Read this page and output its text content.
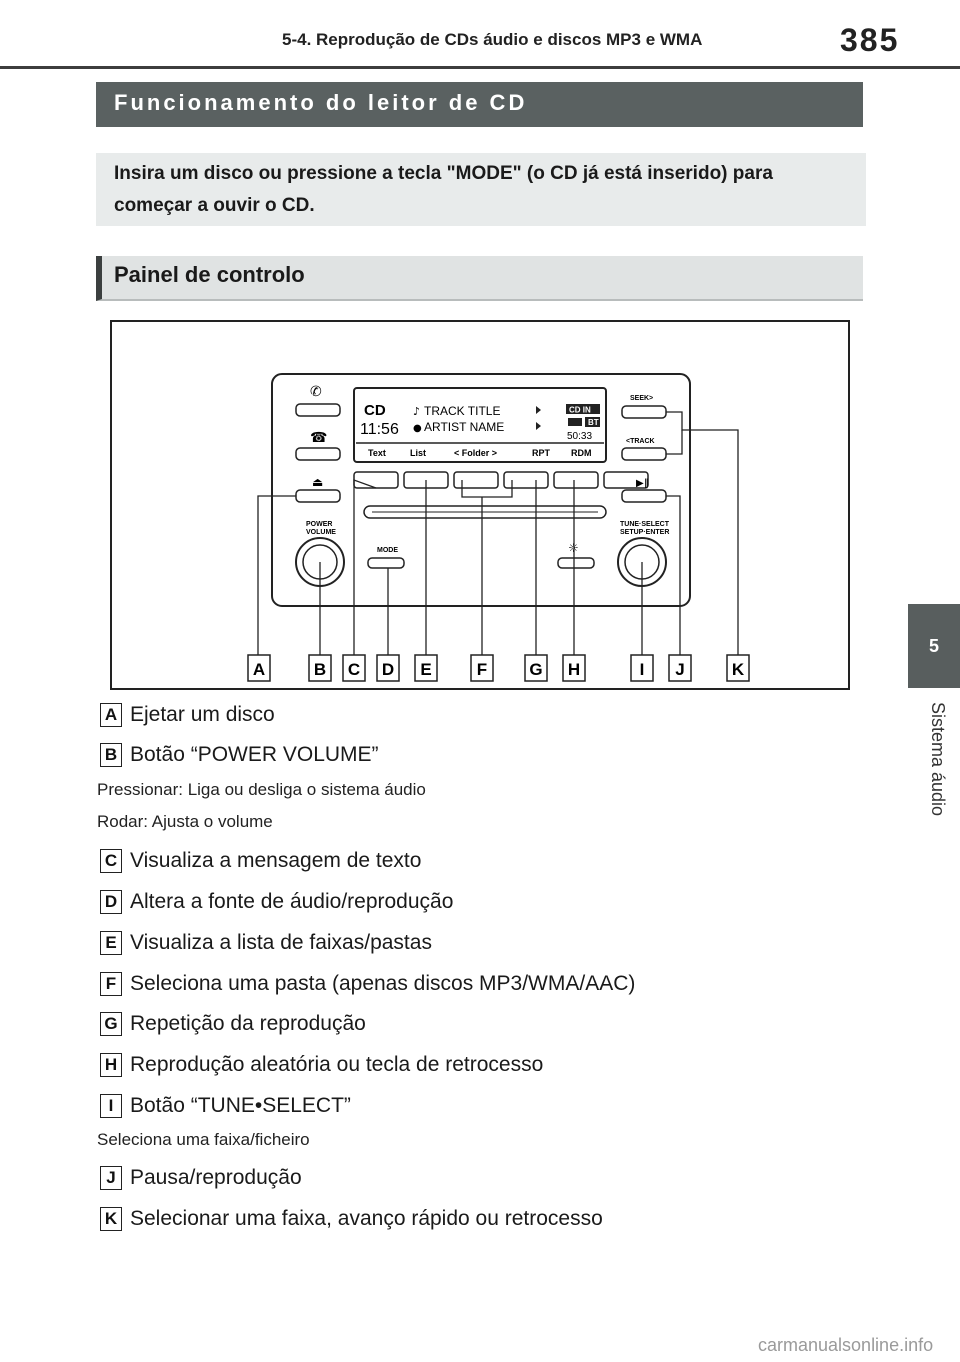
5-4. Reprodução de CDs áudio e discos MP3 e WMA	385
5
Sistema áudio
Funcionamento do leitor de CD
Insira um disco ou pressione a tecla "MODE" (o CD já está inserido) para começar a ouvir o CD.
Painel de controlo
CD
11:56
♪ TRACK TITLE
● ARTIST NAME
CD IN
BT
50:33
Text	List	< Folder >	RPT RDM
✆
☎
⏏
POWER
VOLUME
MODE	☼
SEEK>
<TRACK
▶‖
TUNE·SELECT
SETUP·ENTER
A	B C D E	F G H	I J	K
A Ejetar um disco
B Botão “POWER VOLUME”
Pressionar: Liga ou desliga o sistema áudio
Rodar: Ajusta o volume
C Visualiza a mensagem de texto
D Altera a fonte de áudio/reprodução
E Visualiza a lista de faixas/pastas
F Seleciona uma pasta (apenas discos MP3/WMA/AAC)
G Repetição da reprodução
H Reprodução aleatória ou tecla de retrocesso
I Botão “TUNE•SELECT”
Seleciona uma faixa/ficheiro
J Pausa/reprodução
K Selecionar uma faixa, avanço rápido ou retrocesso
carmanualsonline.info
